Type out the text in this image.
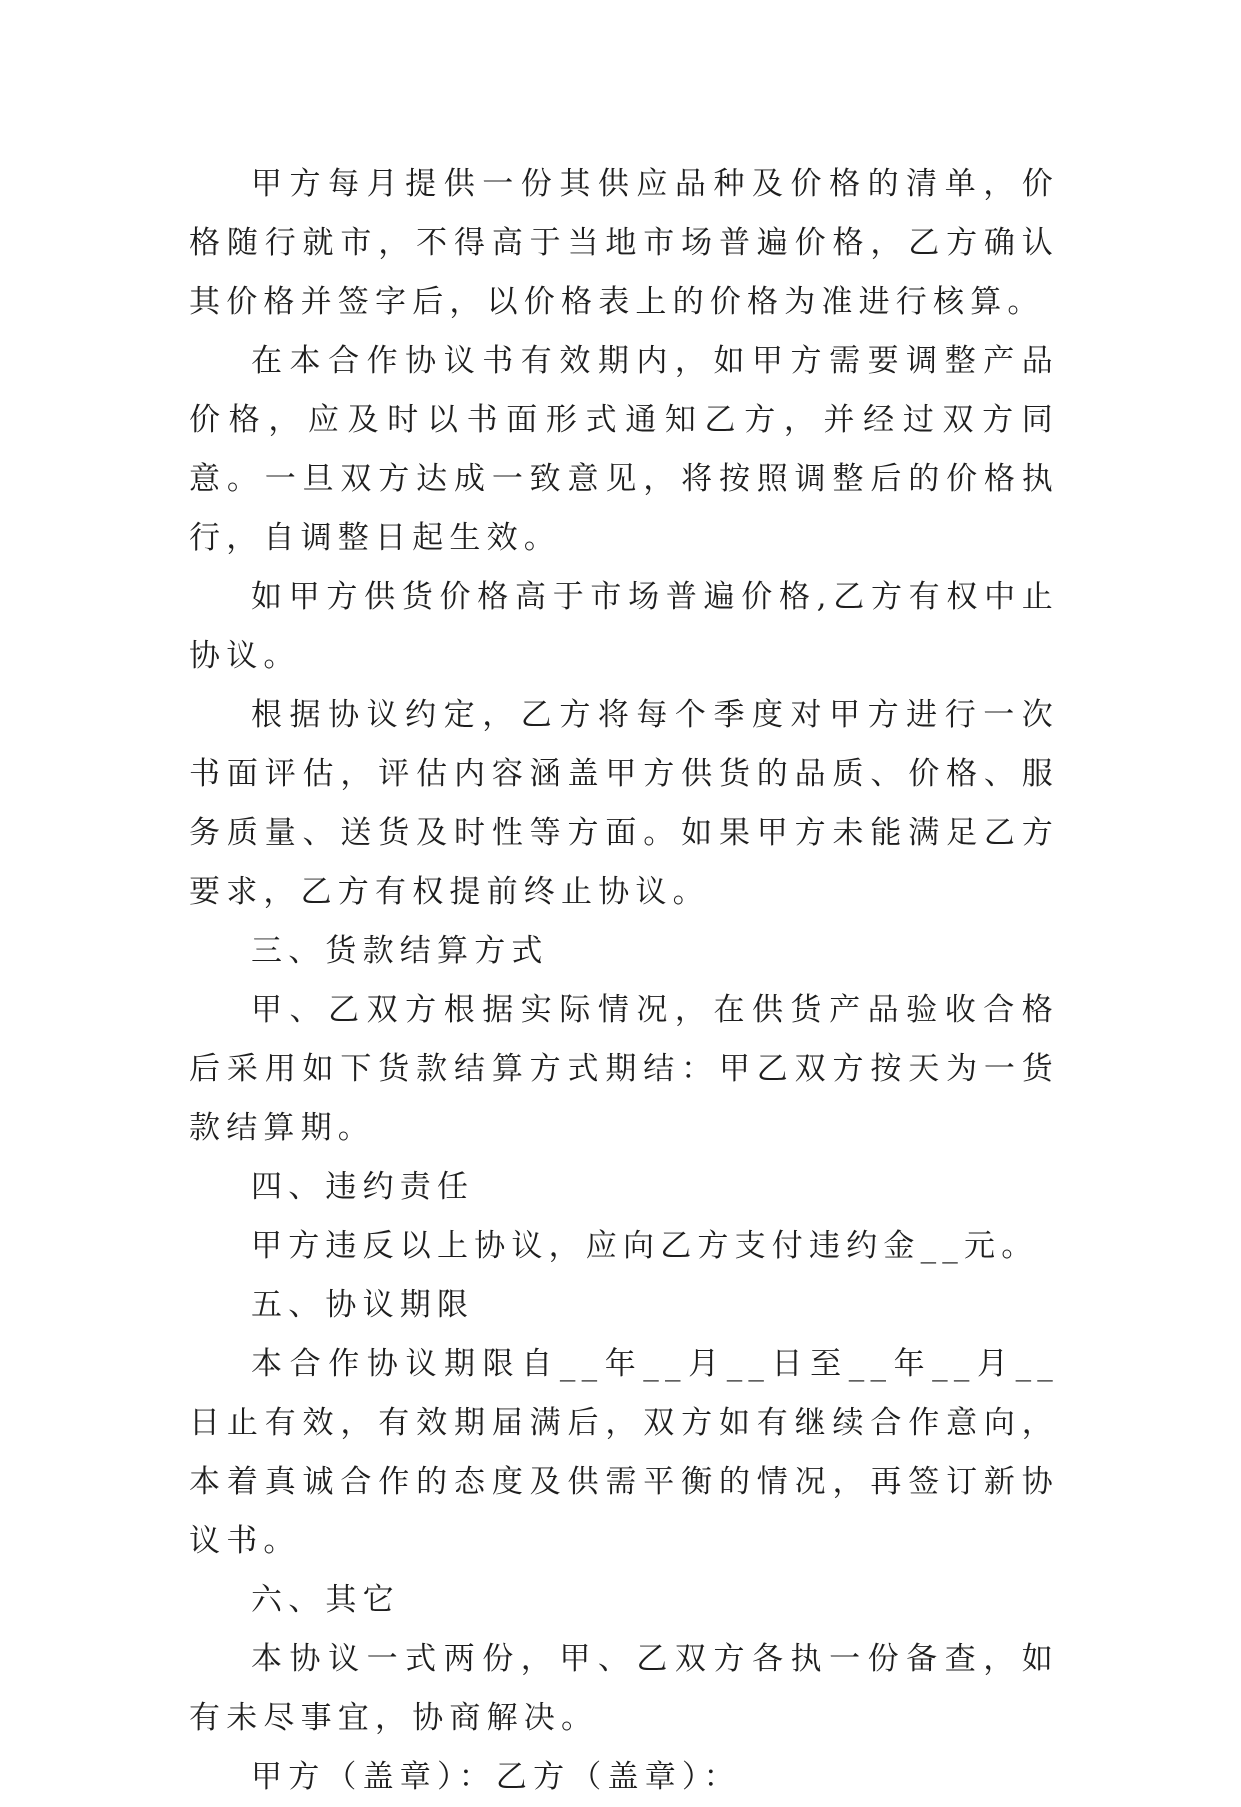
甲方每月提供一份其供应品种及价格的清单，价格随行就市，不得高于当地市场普遍价格，乙方确认其价格并签字后，以价格表上的价格为准进行核算。

在本合作协议书有效期内，如甲方需要调整产品价格，应及时以书面形式通知乙方，并经过双方同意。一旦双方达成一致意见，将按照调整后的价格执行，自调整日起生效。

如甲方供货价格高于市场普遍价格,乙方有权中止协议。

根据协议约定，乙方将每个季度对甲方进行一次书面评估，评估内容涵盖甲方供货的品质、价格、服务质量、送货及时性等方面。如果甲方未能满足乙方要求，乙方有权提前终止协议。

三、货款结算方式

甲、乙双方根据实际情况，在供货产品验收合格后采用如下货款结算方式期结：甲乙双方按天为一货款结算期。

四、违约责任

甲方违反以上协议，应向乙方支付违约金__元。

五、协议期限

本合作协议期限自__年__月__日至__年__月__日止有效，有效期届满后，双方如有继续合作意向，本着真诚合作的态度及供需平衡的情况，再签订新协议书。

六、其它

本协议一式两份，甲、乙双方各执一份备查，如有未尽事宜，协商解决。

甲方（盖章）：乙方（盖章）：
